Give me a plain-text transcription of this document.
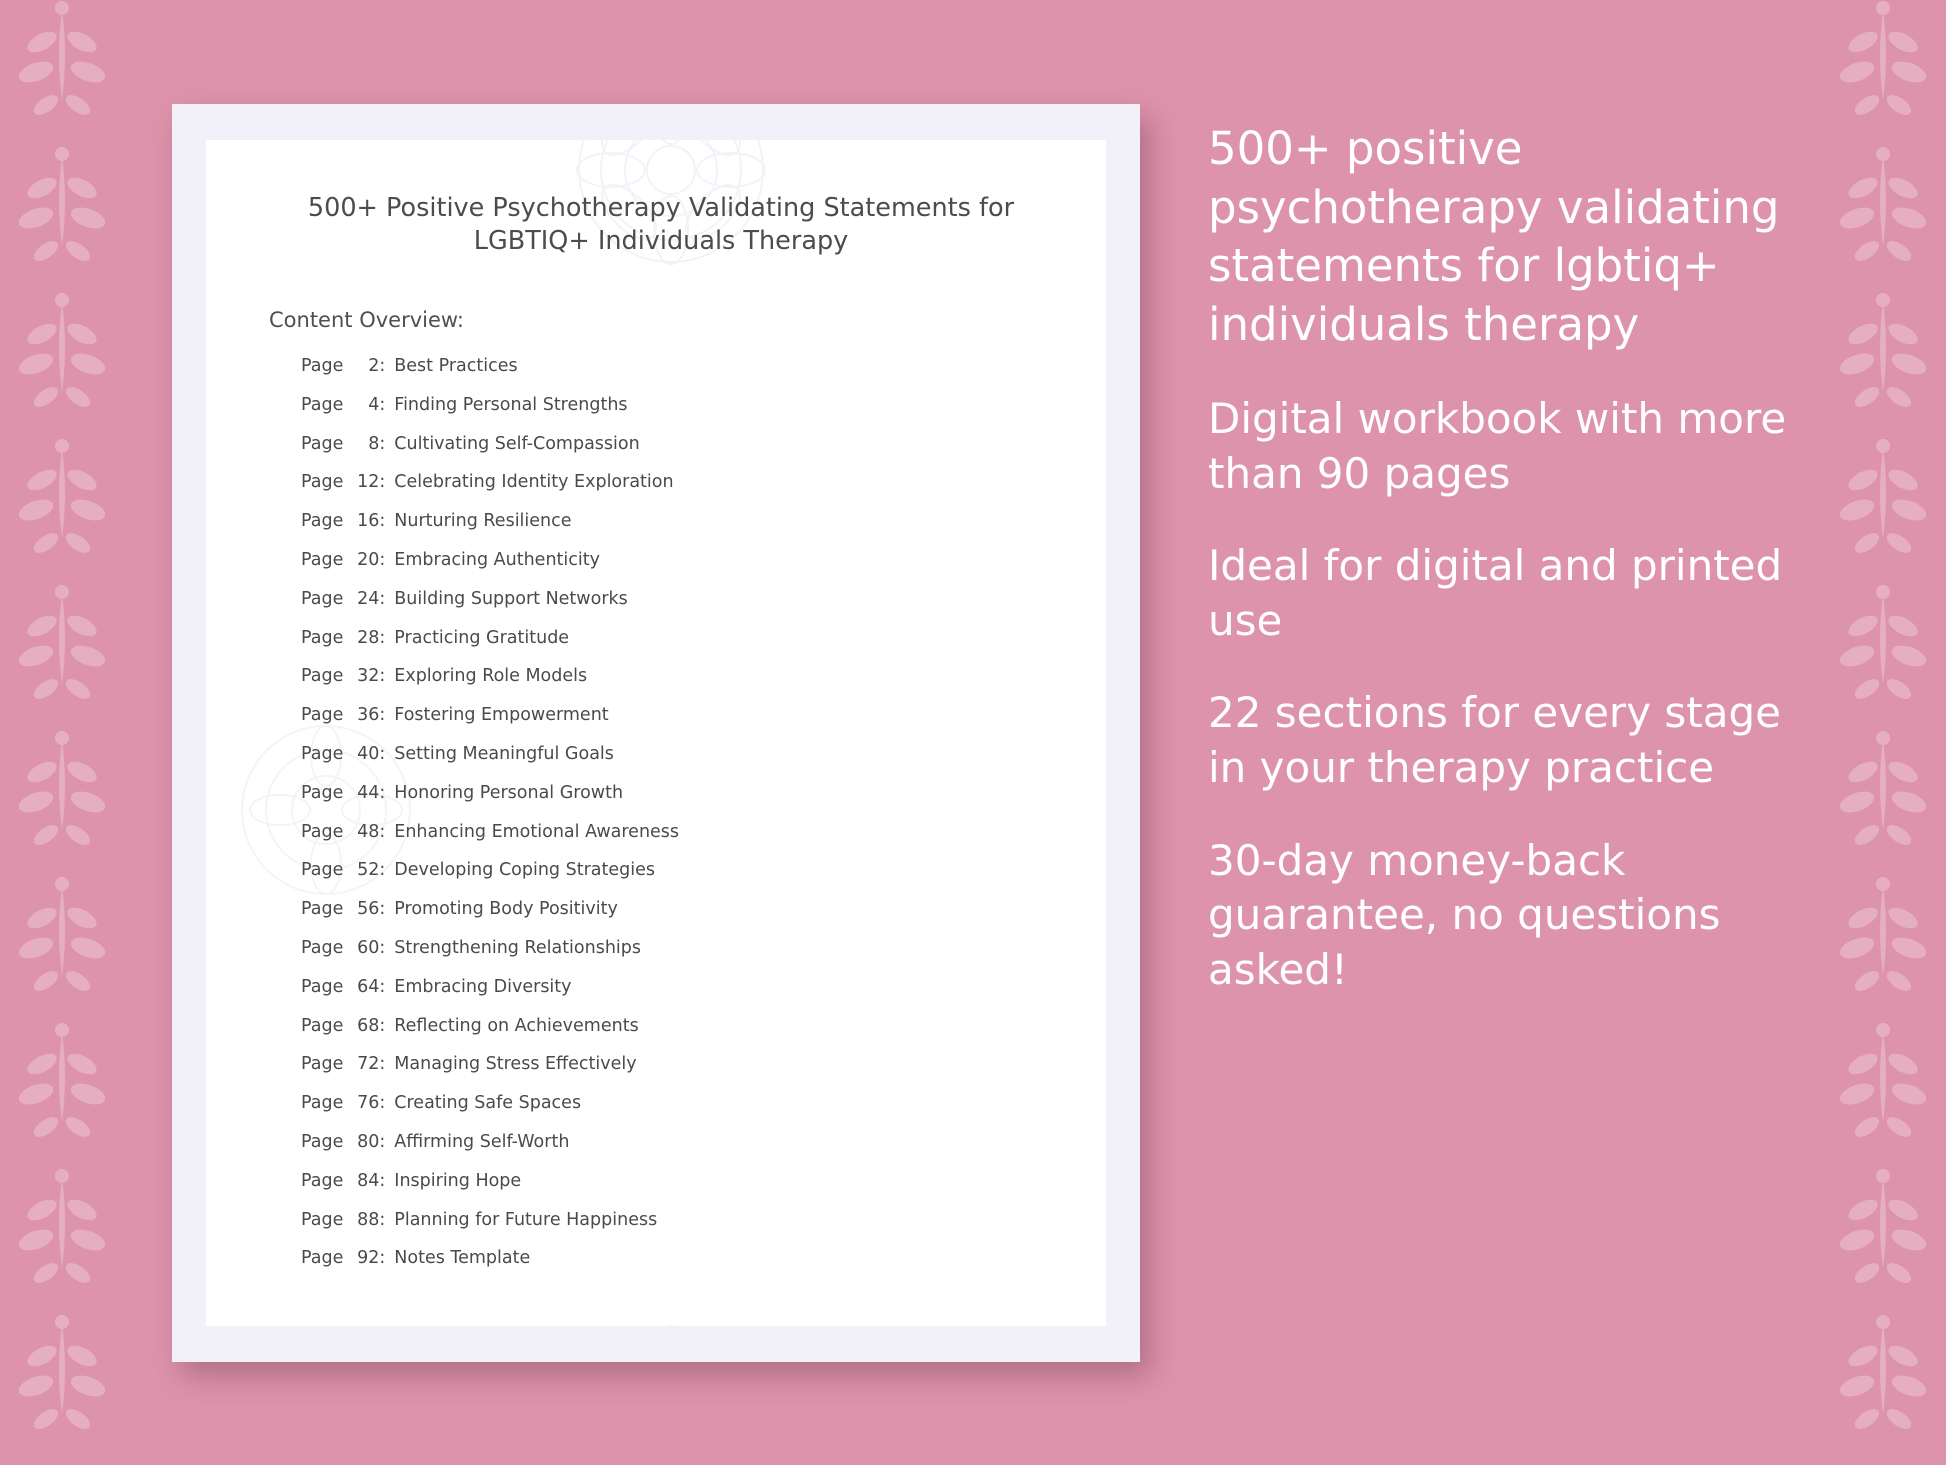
500+ Positive Psychotherapy Validating Statements for LGBTIQ+ Individuals Therapy
Content Overview:
Page	2 : Best Practices
Page	4 : Finding Personal Strengths
Page	8 : Cultivating Self-Compassion
Page 12 : Celebrating Identity Exploration
Page 16 : Nurturing Resilience
Page 20 : Embracing Authenticity
Page 24 : Building Support Networks
Page 28 : Practicing Gratitude
Page 32 : Exploring Role Models
Page 36 : Fostering Empowerment
Page 40 : Setting Meaningful Goals
Page 44 : Honoring Personal Growth
Page 48 : Enhancing Emotional Awareness
Page 52 : Developing Coping Strategies
Page 56 : Promoting Body Positivity
Page 60 : Strengthening Relationships
Page 64 : Embracing Diversity
Page 68 : Reflecting on Achievements
Page 72 : Managing Stress Effectively
Page 76 : Creating Safe Spaces
Page 80 : Affirming Self-Worth
Page 84 : Inspiring Hope
Page 88 : Planning for Future Happiness
Page 92 : Notes Template
500+ positive psychotherapy validating statements for lgbtiq+ individuals therapy
Digital workbook with more than 90 pages
Ideal for digital and printed use
22 sections for every stage in your therapy practice
30-day money-back guarantee, no questions asked!
